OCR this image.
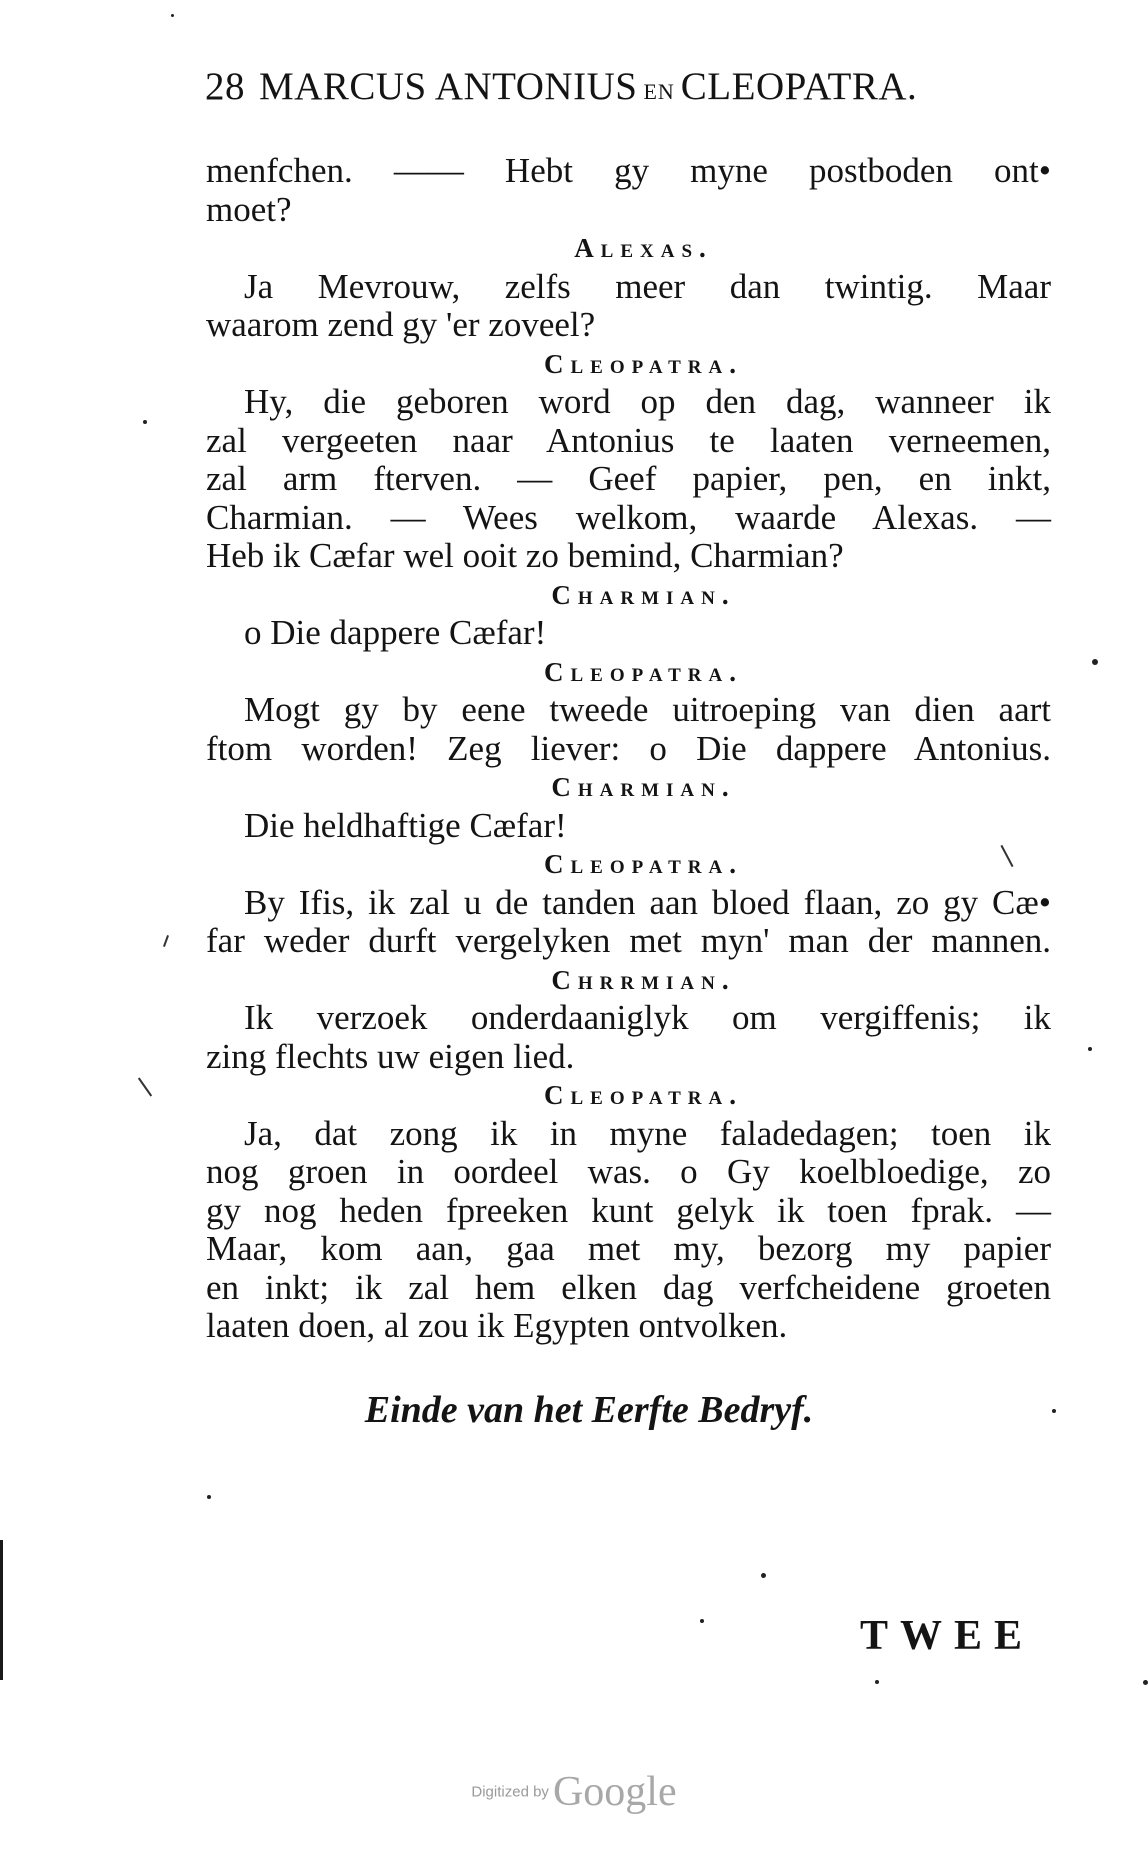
28 MARCUS ANTONIUS EN CLEOPATRA.
menfchen. —— Hebt gy myne postboden ont•
moet?
Alexas.
Ja Mevrouw, zelfs meer dan twintig. Maar
waarom zend gy 'er zoveel?
Cleopatra.
Hy, die geboren word op den dag, wanneer ik
zal vergeeten naar Antonius te laaten verneemen,
zal arm fterven. — Geef papier, pen, en inkt,
Charmian. — Wees welkom, waarde Alexas. —
Heb ik Cæfar wel ooit zo bemind, Charmian?
Charmian.
o Die dappere Cæfar!
Cleopatra.
Mogt gy by eene tweede uitroeping van dien aart
ftom worden! Zeg liever: o Die dappere Antonius.
Charmian.
Die heldhaftige Cæfar!
Cleopatra.
By Ifis, ik zal u de tanden aan bloed flaan, zo gy Cæ•
far weder durft vergelyken met myn' man der mannen.
Chrrmian.
Ik verzoek onderdaaniglyk om vergiffenis; ik
zing flechts uw eigen lied.
Cleopatra.
Ja, dat zong ik in myne faladedagen; toen ik
nog groen in oordeel was. o Gy koelbloedige, zo
gy nog heden fpreeken kunt gelyk ik toen fprak. —
Maar, kom aan, gaa met my, bezorg my papier
en inkt; ik zal hem elken dag verfcheidene groeten
laaten doen, al zou ik Egypten ontvolken.
Einde van het Eerfte Bedryf.
TWEE
Digitized by Google
